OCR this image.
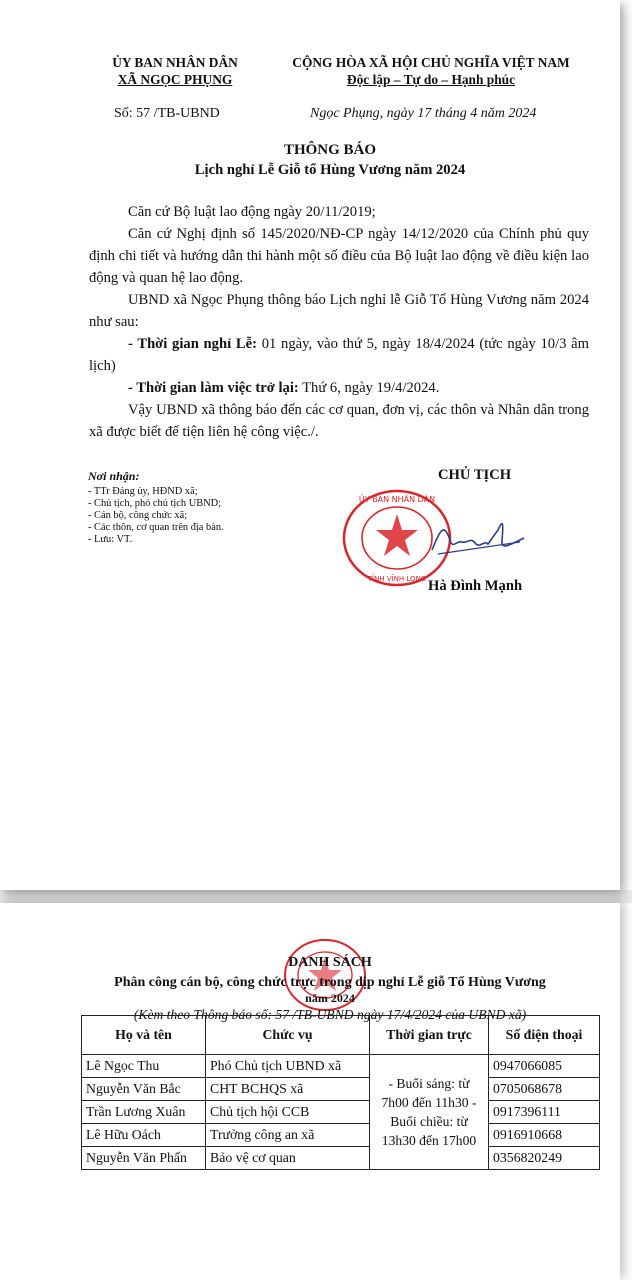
ỦY BAN NHÂN DÂN
XÃ NGỌC PHỤNG
CỘNG HÒA XÃ HỘI CHỦ NGHĨA VIỆT NAM
Độc lập – Tự do – Hạnh phúc
Số: 57 /TB-UBND	Ngọc Phụng, ngày 17 tháng 4 năm 2024
THÔNG BÁO
Lịch nghỉ Lễ Giỗ tổ Hùng Vương năm 2024

Căn cứ Bộ luật lao động ngày 20/11/2019;

Căn cứ Nghị định số 145/2020/NĐ-CP ngày 14/12/2020 của Chính phủ quy định chi tiết và hướng dẫn thi hành một số điều của Bộ luật lao động về điều kiện lao động và quan hệ lao động.

UBND xã Ngọc Phụng thông báo Lịch nghỉ lễ Giỗ Tổ Hùng Vương năm 2024 như sau:

- Thời gian nghỉ Lễ: 01 ngày, vào thứ 5, ngày 18/4/2024 (tức ngày 10/3 âm lịch)

- Thời gian làm việc trở lại: Thứ 6, ngày 19/4/2024.

Vậy UBND xã thông báo đến các cơ quan, đơn vị, các thôn và Nhân dân trong xã được biết để tiện liên hệ công việc./.

Nơi nhận:
- TTr Đảng ủy, HĐND xã;
- Chủ tịch, phó chủ tịch UBND;
- Cán bộ, công chức xã;
- Các thôn, cơ quan trên địa bàn.
- Lưu: VT.
CHỦ TỊCH
ỦY BAN NHÂN DÂN
TỈNH VĨNH LONG Hà Đình Mạnh
DANH SÁCH
Phân công cán bộ, công chức trực trong dịp nghỉ Lễ giỗ Tổ Hùng Vương
năm 2024
(Kèm theo Thông báo số: 57 /TB-UBND ngày 17/4/2024 của UBND xã)
Họ và tên	Chức vụ	Thời gian trực	Số điện thoại
Lê Ngọc Thu	Phó Chủ tịch UBND xã	- Buổi sáng: từ 7h00 đến 11h30 - Buổi chiều: từ 13h30 đến 17h00	0947066085
Nguyễn Văn Bắc	CHT BCHQS xã		0705068678
Trần Lương Xuân	Chủ tịch hội CCB		0917396111
Lê Hữu Oách	Trưởng công an xã		0916910668
Nguyễn Văn Phấn	Bảo vệ cơ quan		0356820249
